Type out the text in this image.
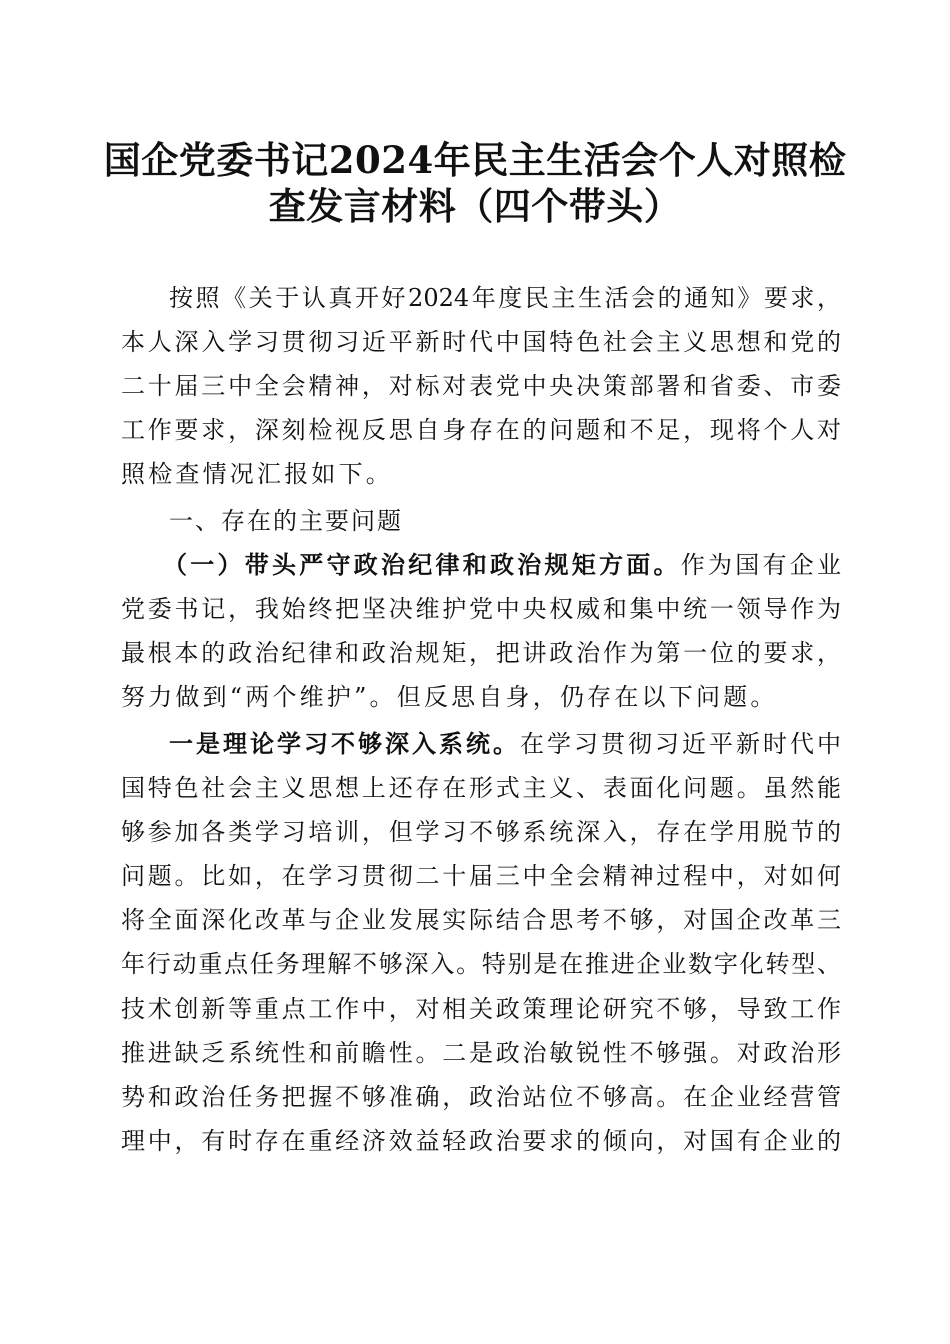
国企党委书记2024年民主生活会个人对照检
查发言材料（四个带头）
按照《关于认真开好2024年度民主生活会的通知》要求，
本人深入学习贯彻习近平新时代中国特色社会主义思想和党的
二十届三中全会精神，对标对表党中央决策部署和省委、市委
工作要求，深刻检视反思自身存在的问题和不足，现将个人对
照检查情况汇报如下。
一、存在的主要问题
（一）带头严守政治纪律和政治规矩方面。作为国有企业
党委书记，我始终把坚决维护党中央权威和集中统一领导作为
最根本的政治纪律和政治规矩，把讲政治作为第一位的要求，
努力做到“两个维护”。但反思自身，仍存在以下问题。
一是理论学习不够深入系统。在学习贯彻习近平新时代中
国特色社会主义思想上还存在形式主义、表面化问题。虽然能
够参加各类学习培训，但学习不够系统深入，存在学用脱节的
问题。比如，在学习贯彻二十届三中全会精神过程中，对如何
将全面深化改革与企业发展实际结合思考不够，对国企改革三
年行动重点任务理解不够深入。特别是在推进企业数字化转型、
技术创新等重点工作中，对相关政策理论研究不够，导致工作
推进缺乏系统性和前瞻性。二是政治敏锐性不够强。对政治形
势和政治任务把握不够准确，政治站位不够高。在企业经营管
理中，有时存在重经济效益轻政治要求的倾向，对国有企业的
